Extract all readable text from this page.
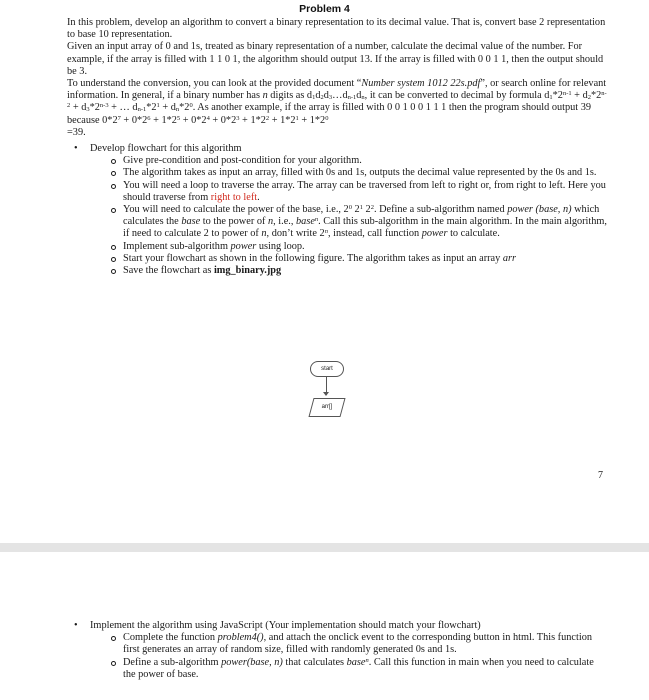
Problem 4

In this problem, develop an algorithm to convert a binary representation to its decimal value. That is, convert base 2 representation to base 10 representation.

Given an input array of 0 and 1s, treated as binary representation of a number, calculate the decimal value of the number. For example, if the array is filled with 1 1 0 1, the algorithm should output 13. If the array is filled with 0 0 1 1, then the output should be 3.

To understand the conversion, you can look at the provided document “Number system 1012 22s.pdf”, or search online for relevant information. In general, if a binary number has n digits as $d_1d_2d_3\dots d_{n-1}d_n$, it can be converted to decimal by formula $d_1*2^{n-1} + d_2*2^{n-2} + d_3*2^{n-3}$ + … $d_{n-1}*2^1 + d_n*2^0$. As another example, if the array is filled with 0 0 1 0 0 1 1 1 then the program should output 39 because $0*2^7 + 0*2^6 + 1*2^5 + 0*2^4 + 0*2^3 + 1*2^2 + 1*2^1 + 1*2^0$
=39.

• Develop flowchart for this algorithm
Give pre-condition and post-condition for your algorithm.
The algorithm takes as input an array, filled with 0s and 1s, outputs the decimal value represented by the 0s and 1s.
You will need a loop to traverse the array. The array can be traversed from left to right or, from right to left. Here you should traverse from right to left.
You will need to calculate the power of the base, i.e., $2^0$ $2^1$ $2^2$. Define a sub-algorithm named power (base, n) which calculates the base to the power of n, i.e., base$^n$. Call this sub-algorithm in the main algorithm. In the main algorithm, if need to calculate 2 to power of n, don’t write 2$^n$, instead, call function power to calculate.
Implement sub-algorithm power using loop.
Start your flowchart as shown in the following figure. The algorithm takes as input an array arr
Save the flowchart as img_binary.jpg
start
arr[]
7
• Implement the algorithm using JavaScript (Your implementation should match your flowchart)
Complete the function problem4(), and attach the onclick event to the corresponding button in html. This function first generates an array of random size, filled with randomly generated 0s and 1s.
Define a sub-algorithm power(base, n) that calculates base$^n$. Call this function in main when you need to calculate the power of base.
